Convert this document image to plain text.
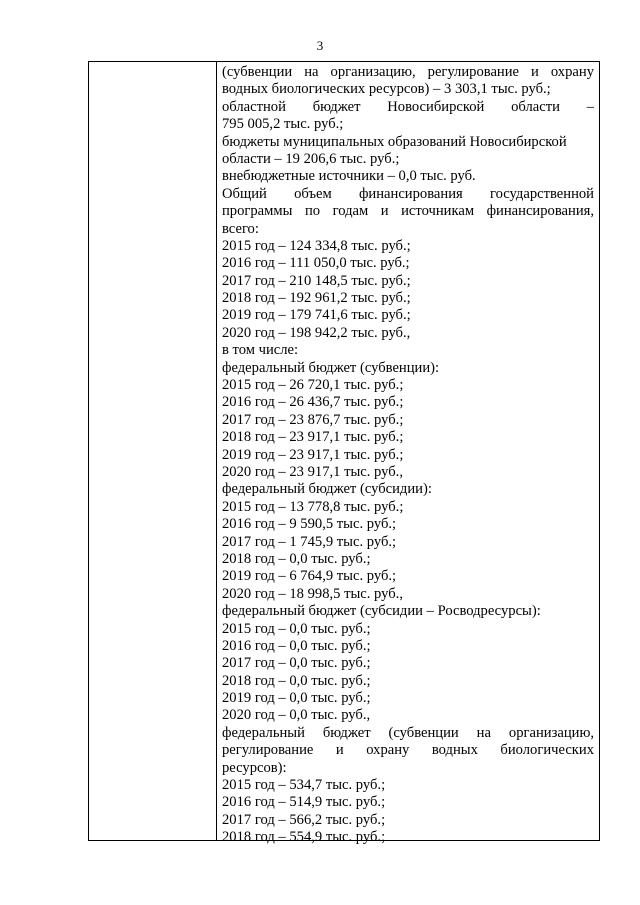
3
(субвенции на организацию, регулирование и охрану
водных биологических ресурсов) – 3 303,1 тыс. руб.;
областной бюджет Новосибирской области –
795 005,2 тыс. руб.;
бюджеты муниципальных образований Новосибирской
области – 19 206,6 тыс. руб.;
внебюджетные источники – 0,0 тыс. руб.
Общий объем финансирования государственной
программы по годам и источникам финансирования,
всего:
2015 год – 124 334,8 тыс. руб.;
2016 год – 111 050,0 тыс. руб.;
2017 год – 210 148,5 тыс. руб.;
2018 год – 192 961,2 тыс. руб.;
2019 год – 179 741,6 тыс. руб.;
2020 год – 198 942,2 тыс. руб.,
в том числе:
федеральный бюджет (субвенции):
2015 год – 26 720,1 тыс. руб.;
2016 год – 26 436,7 тыс. руб.;
2017 год – 23 876,7 тыс. руб.;
2018 год – 23 917,1 тыс. руб.;
2019 год – 23 917,1 тыс. руб.;
2020 год – 23 917,1 тыс. руб.,
федеральный бюджет (субсидии):
2015 год – 13 778,8 тыс. руб.;
2016 год – 9 590,5 тыс. руб.;
2017 год – 1 745,9 тыс. руб.;
2018 год – 0,0 тыс. руб.;
2019 год – 6 764,9 тыс. руб.;
2020 год – 18 998,5 тыс. руб.,
федеральный бюджет (субсидии – Росводресурсы):
2015 год – 0,0 тыс. руб.;
2016 год – 0,0 тыс. руб.;
2017 год – 0,0 тыс. руб.;
2018 год – 0,0 тыс. руб.;
2019 год – 0,0 тыс. руб.;
2020 год – 0,0 тыс. руб.,
федеральный бюджет (субвенции на организацию,
регулирование и охрану водных биологических
ресурсов):
2015 год – 534,7 тыс. руб.;
2016 год – 514,9 тыс. руб.;
2017 год – 566,2 тыс. руб.;
2018 год – 554,9 тыс. руб.;
